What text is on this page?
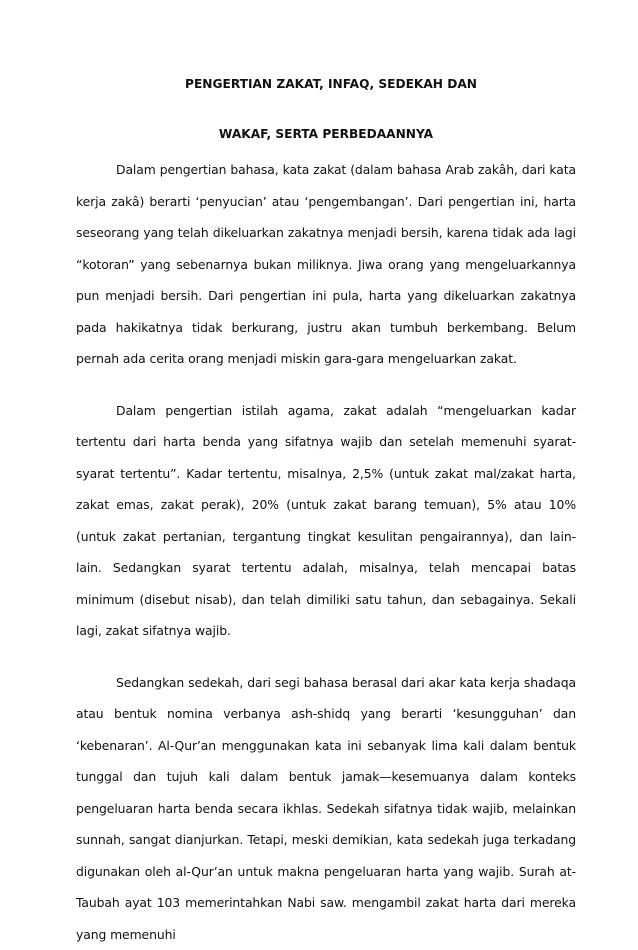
PENGERTIAN ZAKAT, INFAQ, SEDEKAH DAN

WAKAF, SERTA PERBEDAANNYA

Dalam pengertian bahasa, kata zakat (dalam bahasa Arab zakâh, dari kata kerja zakâ) berarti ‘penyucian’ atau ‘pengembangan’. Dari pengertian ini, harta seseorang yang telah dikeluarkan zakatnya menjadi bersih, karena tidak ada lagi “kotoran” yang sebenarnya bukan miliknya. Jiwa orang yang mengeluarkannya pun menjadi bersih. Dari pengertian ini pula, harta yang dikeluarkan zakatnya pada hakikatnya tidak berkurang, justru akan tumbuh berkembang. Belum pernah ada cerita orang menjadi miskin gara-gara mengeluarkan zakat.

Dalam pengertian istilah agama, zakat adalah “mengeluarkan kadar tertentu dari harta benda yang sifatnya wajib dan setelah memenuhi syarat-syarat tertentu”. Kadar tertentu, misalnya, 2,5% (untuk zakat mal/zakat harta, zakat emas, zakat perak), 20% (untuk zakat barang temuan), 5% atau 10% (untuk zakat pertanian, tergantung tingkat kesulitan pengairannya), dan lain-lain. Sedangkan syarat tertentu adalah, misalnya, telah mencapai batas minimum (disebut nisab), dan telah dimiliki satu tahun, dan sebagainya. Sekali lagi, zakat sifatnya wajib.

Sedangkan sedekah, dari segi bahasa berasal dari akar kata kerja shadaqa atau bentuk nomina verbanya ash-shidq yang berarti ‘kesungguhan’ dan ‘kebenaran’. Al-Qur’an menggunakan kata ini sebanyak lima kali dalam bentuk tunggal dan tujuh kali dalam bentuk jamak—kesemuanya dalam konteks pengeluaran harta benda secara ikhlas. Sedekah sifatnya tidak wajib, melainkan sunnah, sangat dianjurkan. Tetapi, meski demikian, kata sedekah juga terkadang digunakan oleh al-Qur’an untuk makna pengeluaran harta yang wajib. Surah at-Taubah ayat 103 memerintahkan Nabi saw. mengambil zakat harta dari mereka yang memenuhi
